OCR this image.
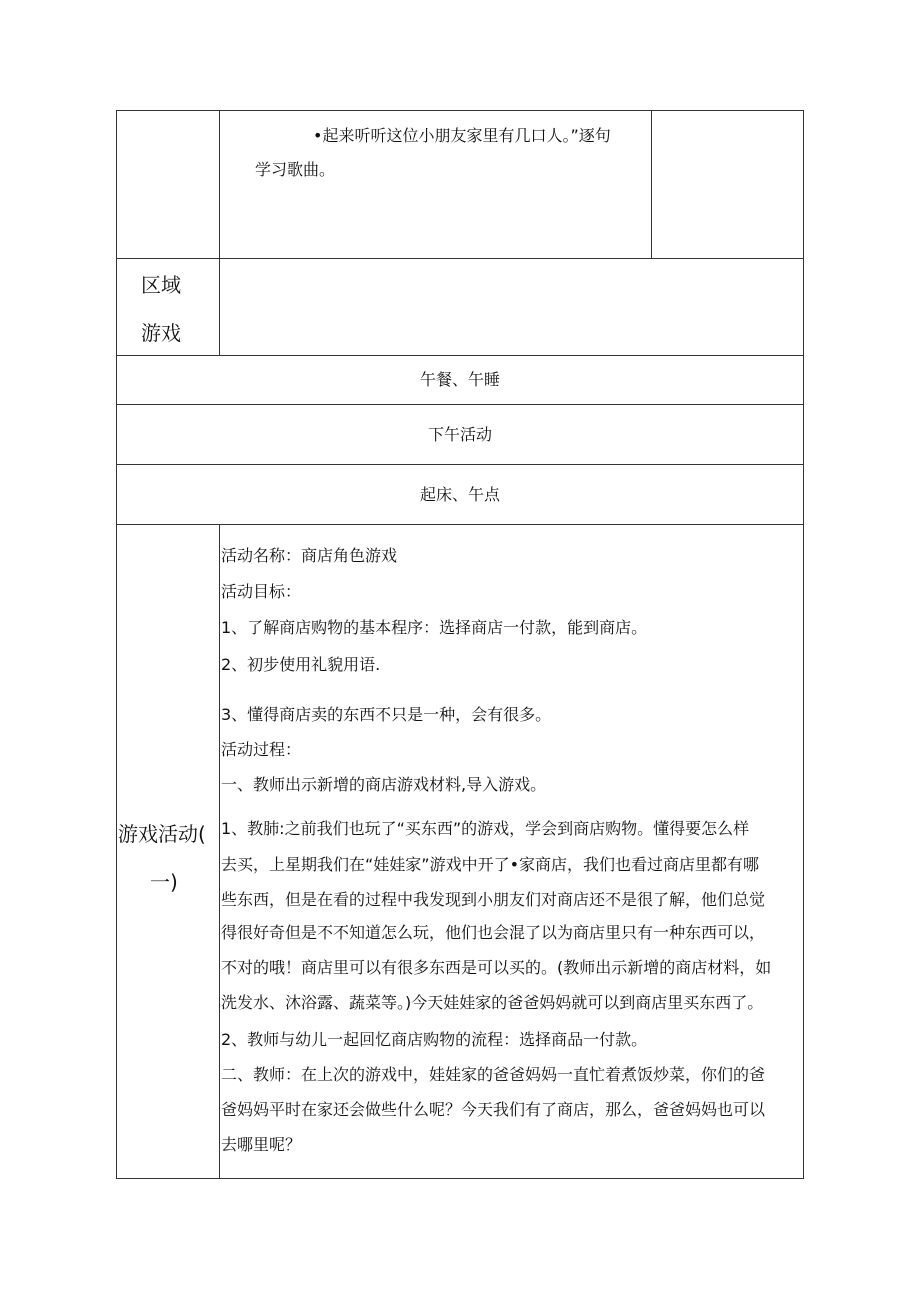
•起来听听这位小朋友家里有几口人。”逐句
学习歌曲。
区域
游戏
午餐、午睡
下午活动
起床、午点
游戏活动(
一)
活动名称：商店角色游戏
活动目标：
1、了解商店购物的基本程序：选择商店一付款，能到商店。
2、初步使用礼貌用语.
3、懂得商店卖的东西不只是一种，会有很多。
活动过程：
一、教师出示新增的商店游戏材料,导入游戏。
1、教肺:之前我们也玩了“买东西”的游戏，学会到商店购物。懂得要怎么样
去买，上星期我们在“娃娃家”游戏中开了•家商店，我们也看过商店里都有哪
些东西，但是在看的过程中我发现到小朋友们对商店还不是很了解，他们总觉
得很好奇但是不不知道怎么玩，他们也会混了以为商店里只有一种东西可以，
不对的哦！商店里可以有很多东西是可以买的。(教师出示新增的商店材料，如
洗发水、沐浴露、蔬菜等。)今天娃娃家的爸爸妈妈就可以到商店里买东西了。
2、教师与幼儿一起回忆商店购物的流程：选择商品一付款。
二、教师：在上次的游戏中，娃娃家的爸爸妈妈一直忙着煮饭炒菜，你们的爸
爸妈妈平时在家还会做些什么呢？今天我们有了商店，那么，爸爸妈妈也可以
去哪里呢？
